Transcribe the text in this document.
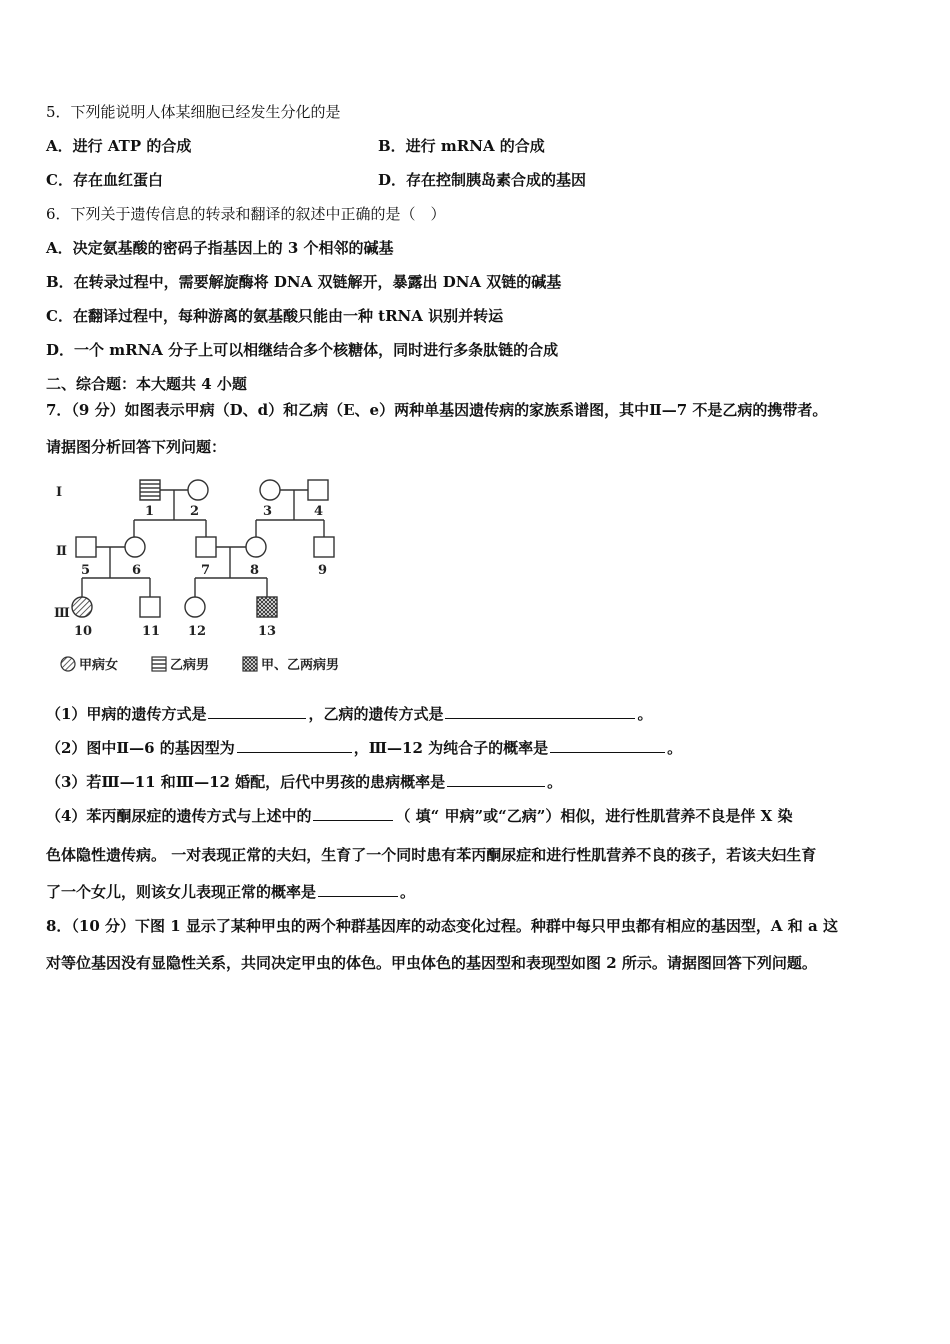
5．下列能说明人体某细胞已经发生分化的是
A．进行 ATP 的合成	B．进行 mRNA 的合成
C．存在血红蛋白	D．存在控制胰岛素合成的基因
6．下列关于遗传信息的转录和翻译的叙述中正确的是（　）
A．决定氨基酸的密码子指基因上的 3 个相邻的碱基
B．在转录过程中，需要解旋酶将 DNA 双链解开，暴露出 DNA 双链的碱基
C．在翻译过程中，每种游离的氨基酸只能由一种 tRNA 识别并转运
D．一个 mRNA 分子上可以相继结合多个核糖体，同时进行多条肽链的合成
二、综合题：本大题共 4 小题
7．（9 分）如图表示甲病（D、d）和乙病（E、e）两种单基因遗传病的家族系谱图，其中Ⅱ—7 不是乙病的携带者。
请据图分析回答下列问题：
Ⅰ
Ⅱ
Ⅲ
1	2	3	4
5	6	7	8	9
10	11 12	13
甲病女	乙病男	甲、乙两病男
（1）甲病的遗传方式是	，乙病的遗传方式是	。
（2）图中Ⅱ—6 的基因型为	，Ⅲ—12 为纯合子的概率是	。
（3）若Ⅲ—11 和Ⅲ—12 婚配，后代中男孩的患病概率是	。
（4）苯丙酮尿症的遗传方式与上述中的	（ 填“ 甲病”或“乙病”）相似，进行性肌营养不良是伴 X 染
色体隐性遗传病。 一对表现正常的夫妇，生育了一个同时患有苯丙酮尿症和进行性肌营养不良的孩子，若该夫妇生育
了一个女儿，则该女儿表现正常的概率是	。
8．（10 分）下图 1 显示了某种甲虫的两个种群基因库的动态变化过程。种群中每只甲虫都有相应的基因型，A 和 a 这
对等位基因没有显隐性关系，共同决定甲虫的体色。甲虫体色的基因型和表现型如图 2 所示。请据图回答下列问题。
